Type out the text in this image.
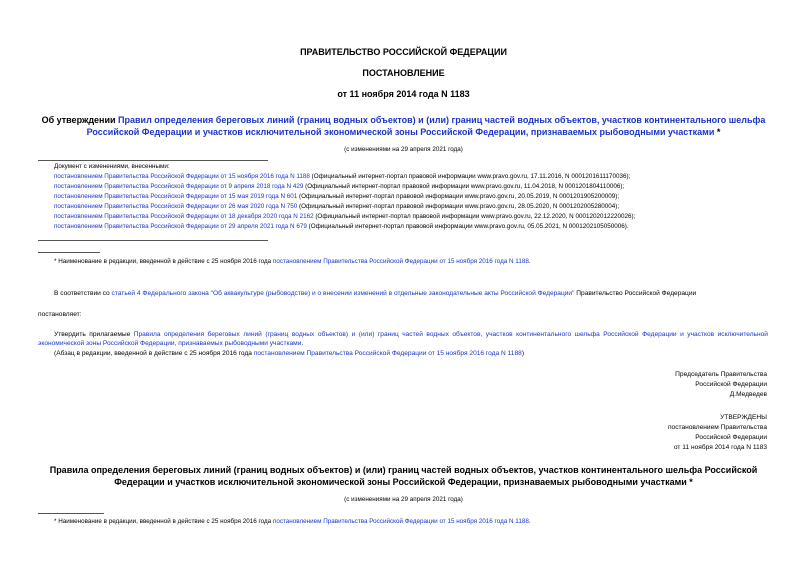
ПРАВИТЕЛЬСТВО РОССИЙСКОЙ ФЕДЕРАЦИИ
ПОСТАНОВЛЕНИЕ
от 11 ноября 2014 года N 1183
Об утверждении Правил определения береговых линий (границ водных объектов) и (или) границ частей водных объектов, участков континентального шельфа
Российской Федерации и участков исключительной экономической зоны Российской Федерации, признаваемых рыбоводными участками *
(с изменениями на 29 апреля 2021 года)
Документ с изменениями, внесенными:
постановлением Правительства Российской Федерации от 15 ноября 2016 года N 1188 (Официальный интернет-портал правовой информации www.pravo.gov.ru, 17.11.2016, N 0001201611170036);
постановлением Правительства Российской Федерации от 9 апреля 2018 года N 429 (Официальный интернет-портал правовой информации www.pravo.gov.ru, 11.04.2018, N 0001201804110006);
постановлением Правительства Российской Федерации от 15 мая 2019 года N 601 (Официальный интернет-портал правовой информации www.pravo.gov.ru, 20.05.2019, N 0001201905200009);
постановлением Правительства Российской Федерации от 26 мая 2020 года N 750 (Официальный интернет-портал правовой информации www.pravo.gov.ru, 28.05.2020, N 0001202005280004);
постановлением Правительства Российской Федерации от 18 декабря 2020 года N 2162 (Официальный интернет-портал правовой информации www.pravo.gov.ru, 22.12.2020, N 0001202012220026);
постановлением Правительства Российской Федерации от 29 апреля 2021 года N 679 (Официальный интернет-портал правовой информации www.pravo.gov.ru, 05.05.2021, N 0001202105050006).
* Наименование в редакции, введенной в действие с 25 ноября 2016 года постановлением Правительства Российской Федерации от 15 ноября 2016 года N 1188.
В соответствии со статьей 4 Федерального закона "Об аквакультуре (рыбоводстве) и о внесении изменений в отдельные законодательные акты Российской Федерации" Правительство Российской Федерации
постановляет:
Утвердить прилагаемые Правила определения береговых линий (границ водных объектов) и (или) границ частей водных объектов, участков континентального шельфа Российской Федерации и участков исключительной экономической зоны Российской Федерации, признаваемых рыбоводными участками.
(Абзац в редакции, введенной в действие с 25 ноября 2016 года постановлением Правительства Российской Федерации от 15 ноября 2016 года N 1188)
Председатель Правительства
Российской Федерации
Д.Медведев
УТВЕРЖДЕНЫ
постановлением Правительства
Российской Федерации
от 11 ноября 2014 года N 1183
Правила определения береговых линий (границ водных объектов) и (или) границ частей водных объектов, участков континентального шельфа Российской
Федерации и участков исключительной экономической зоны Российской Федерации, признаваемых рыбоводными участками *
(с изменениями на 29 апреля 2021 года)
* Наименование в редакции, введенной в действие с 25 ноября 2016 года постановлением Правительства Российской Федерации от 15 ноября 2016 года N 1188.
